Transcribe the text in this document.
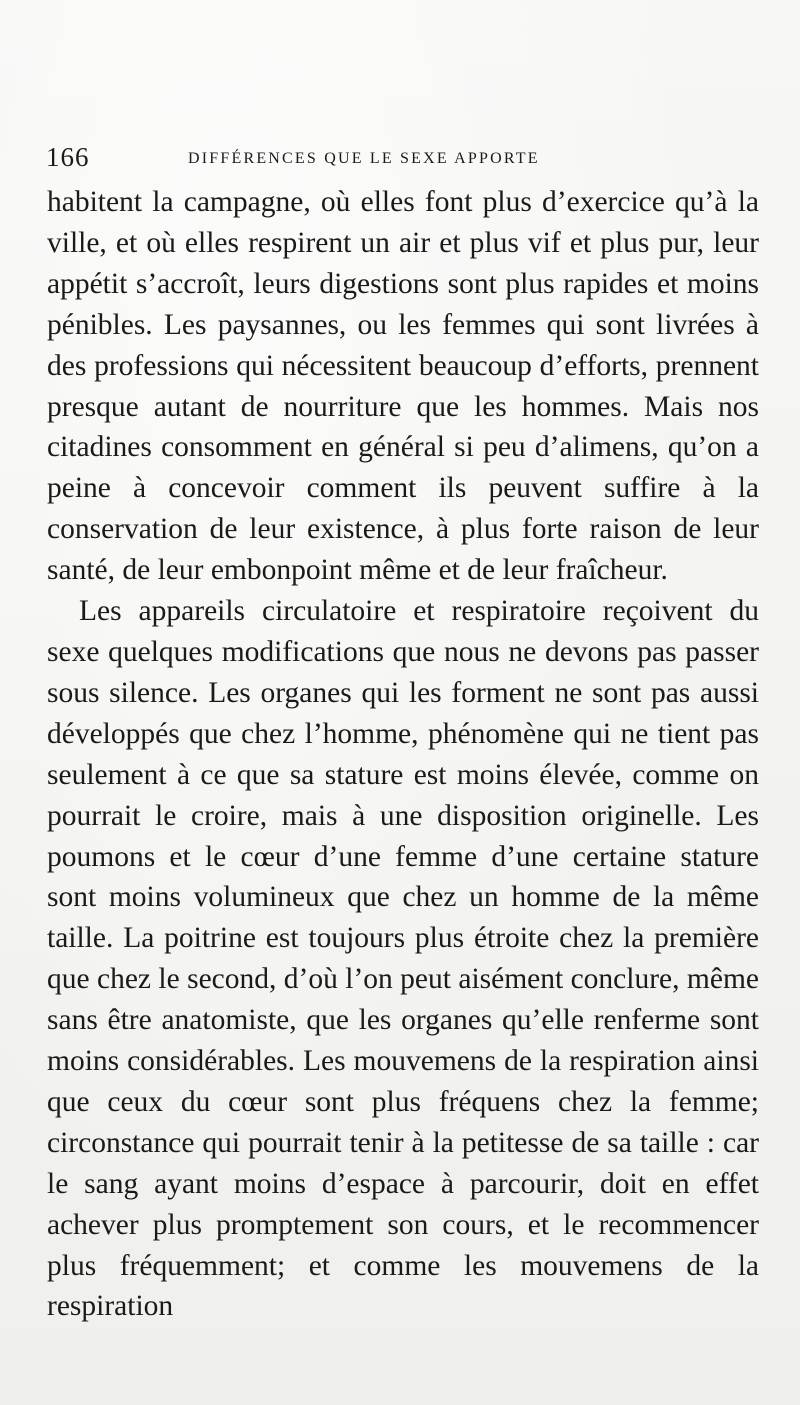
166	DIFFÉRENCES QUE LE SEXE APPORTE

habitent la campagne, où elles font plus d’exercice qu’à la ville, et où elles respirent un air et plus vif et plus pur, leur appétit s’accroît, leurs digestions sont plus rapides et moins pénibles. Les paysannes, ou les femmes qui sont livrées à des professions qui nécessitent beaucoup d’efforts, prennent presque autant de nourriture que les hommes. Mais nos citadines consomment en général si peu d’alimens, qu’on a peine à concevoir comment ils peuvent suffire à la conservation de leur existence, à plus forte raison de leur santé, de leur embonpoint même et de leur fraîcheur.

Les appareils circulatoire et respiratoire reçoivent du sexe quelques modifications que nous ne devons pas passer sous silence. Les organes qui les forment ne sont pas aussi développés que chez l’homme, phénomène qui ne tient pas seulement à ce que sa stature est moins élevée, comme on pourrait le croire, mais à une disposition originelle. Les poumons et le cœur d’une femme d’une certaine stature sont moins volumineux que chez un homme de la même taille. La poitrine est toujours plus étroite chez la première que chez le second, d’où l’on peut aisément conclure, même sans être anatomiste, que les organes qu’elle renferme sont moins considérables. Les mouvemens de la respiration ainsi que ceux du cœur sont plus fréquens chez la femme; circonstance qui pourrait tenir à la petitesse de sa taille : car le sang ayant moins d’espace à parcourir, doit en effet achever plus promptement son cours, et le recommencer plus fréquemment; et comme les mouvemens de la respiration
